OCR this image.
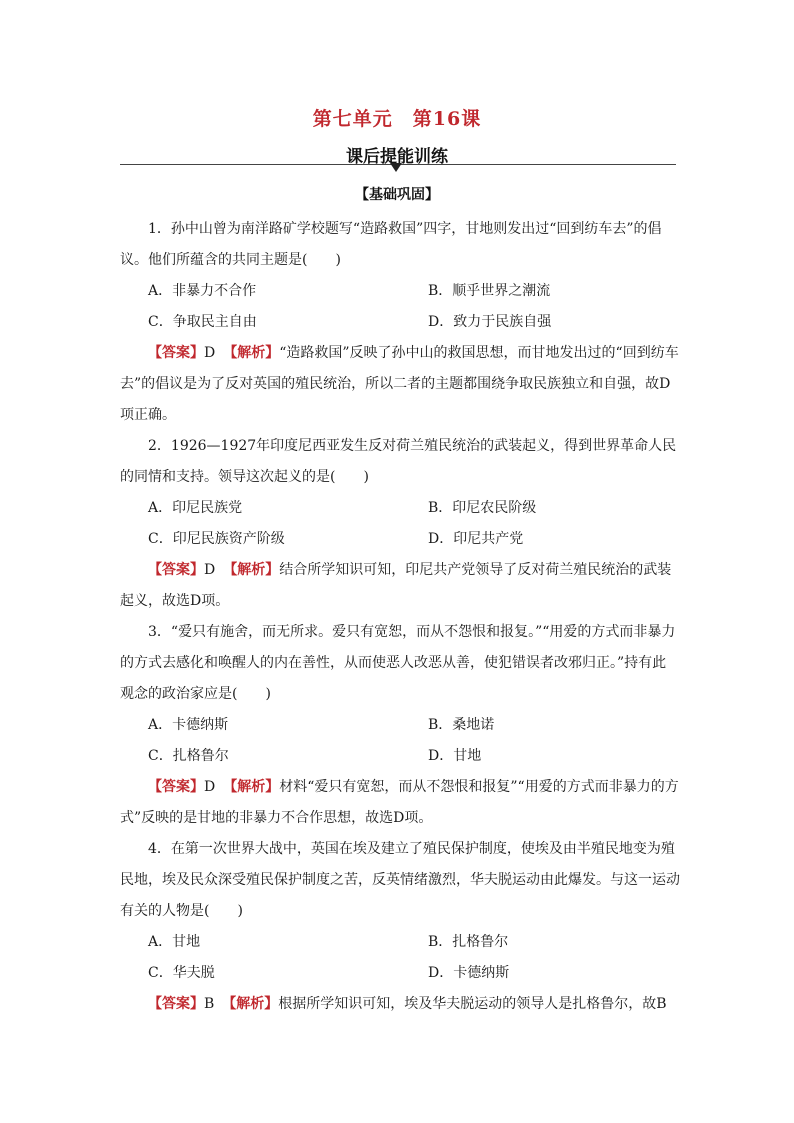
第七单元　第16课
课后提能训练
【基础巩固】

1．孙中山曾为南洋路矿学校题写“造路救国”四字，甘地则发出过“回到纺车去”的倡议。他们所蕴含的共同主题是(　　)

A．非暴力不合作	B．顺乎世界之潮流
C．争取民主自由	D．致力于民族自强

【答案】D 【解析】“造路救国”反映了孙中山的救国思想，而甘地发出过的“回到纺车去”的倡议是为了反对英国的殖民统治，所以二者的主题都围绕争取民族独立和自强，故D项正确。

2．1926—1927年印度尼西亚发生反对荷兰殖民统治的武装起义，得到世界革命人民的同情和支持。领导这次起义的是(　　)

A．印尼民族党	B．印尼农民阶级
C．印尼民族资产阶级	D．印尼共产党

【答案】D 【解析】结合所学知识可知，印尼共产党领导了反对荷兰殖民统治的武装起义，故选D项。

3．“爱只有施舍，而无所求。爱只有宽恕，而从不怨恨和报复。”“用爱的方式而非暴力的方式去感化和唤醒人的内在善性，从而使恶人改恶从善，使犯错误者改邪归正。”持有此观念的政治家应是(　　)

A．卡德纳斯	B．桑地诺
C．扎格鲁尔	D．甘地

【答案】D 【解析】材料“爱只有宽恕，而从不怨恨和报复”“用爱的方式而非暴力的方式”反映的是甘地的非暴力不合作思想，故选D项。

4．在第一次世界大战中，英国在埃及建立了殖民保护制度，使埃及由半殖民地变为殖民地，埃及民众深受殖民保护制度之苦，反英情绪激烈，华夫脱运动由此爆发。与这一运动有关的人物是(　　)

A．甘地	B．扎格鲁尔
C．华夫脱	D．卡德纳斯

【答案】B 【解析】根据所学知识可知，埃及华夫脱运动的领导人是扎格鲁尔，故B
